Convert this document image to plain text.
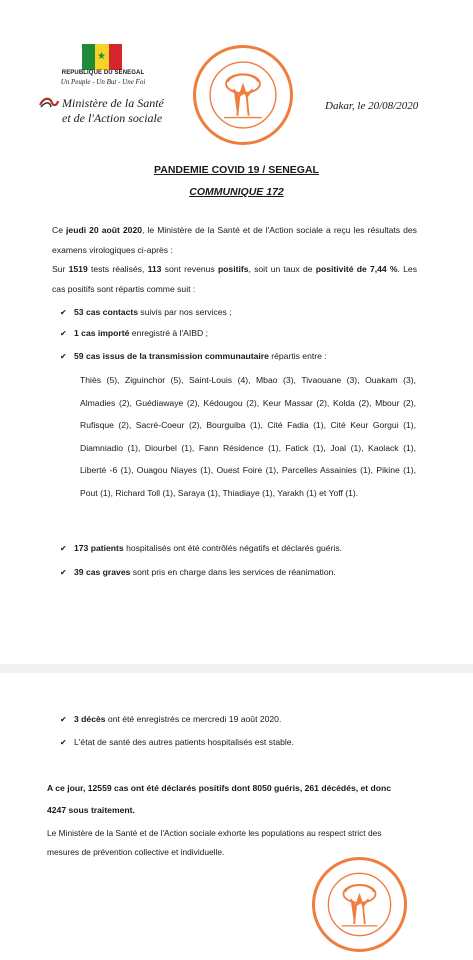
★
REPUBLIQUE DU SENEGAL
Un Peuple - Un But - Une Foi
Ministère de la Santé
et de l'Action sociale
Dakar, le 20/08/2020
PANDEMIE COVID 19 / SENEGAL
COMMUNIQUE 172
Ce jeudi 20 août 2020, le Ministère de la Santé et de l'Action sociale a reçu les résultats des examens virologiques ci-après :
Sur 1519 tests réalisés, 113 sont revenus positifs, soit un taux de positivité de 7,44 %. Les cas positifs sont répartis comme suit :
✔ 53 cas contacts suivis par nos services ;
✔ 1 cas importé enregistré à l'AIBD ;
✔ 59 cas issus de la transmission communautaire répartis entre :
Thiès (5), Ziguinchor (5), Saint-Louis (4), Mbao (3), Tivaouane (3), Ouakam (3), Almadies (2), Guédiawaye (2), Kédougou (2), Keur Massar (2), Kolda (2), Mbour (2), Rufisque (2), Sacré-Coeur (2), Bourguiba (1), Cité Fadia (1), Cité Keur Gorgui (1), Diamniadio (1), Diourbel (1), Fann Résidence (1), Fatick (1), Joal (1), Kaolack (1), Liberté -6 (1), Ouagou Niayes (1), Ouest Foire (1), Parcelles Assainies (1), Pikine (1), Pout (1), Richard Toll (1), Saraya (1), Thiadiaye (1), Yarakh (1) et Yoff (1).
✔ 173 patients hospitalisés ont été contrôlés négatifs et déclarés guéris.
✔ 39 cas graves sont pris en charge dans les services de réanimation.
✔ 3 décès ont été enregistrés ce mercredi 19 août 2020.
✔ L'état de santé des autres patients hospitalisés est stable.
A ce jour, 12559 cas ont été déclarés positifs dont 8050 guéris, 261 décédés, et donc 4247 sous traitement.
Le Ministère de la Santé et de l'Action sociale exhorte les populations au respect strict des mesures de prévention collective et individuelle.
